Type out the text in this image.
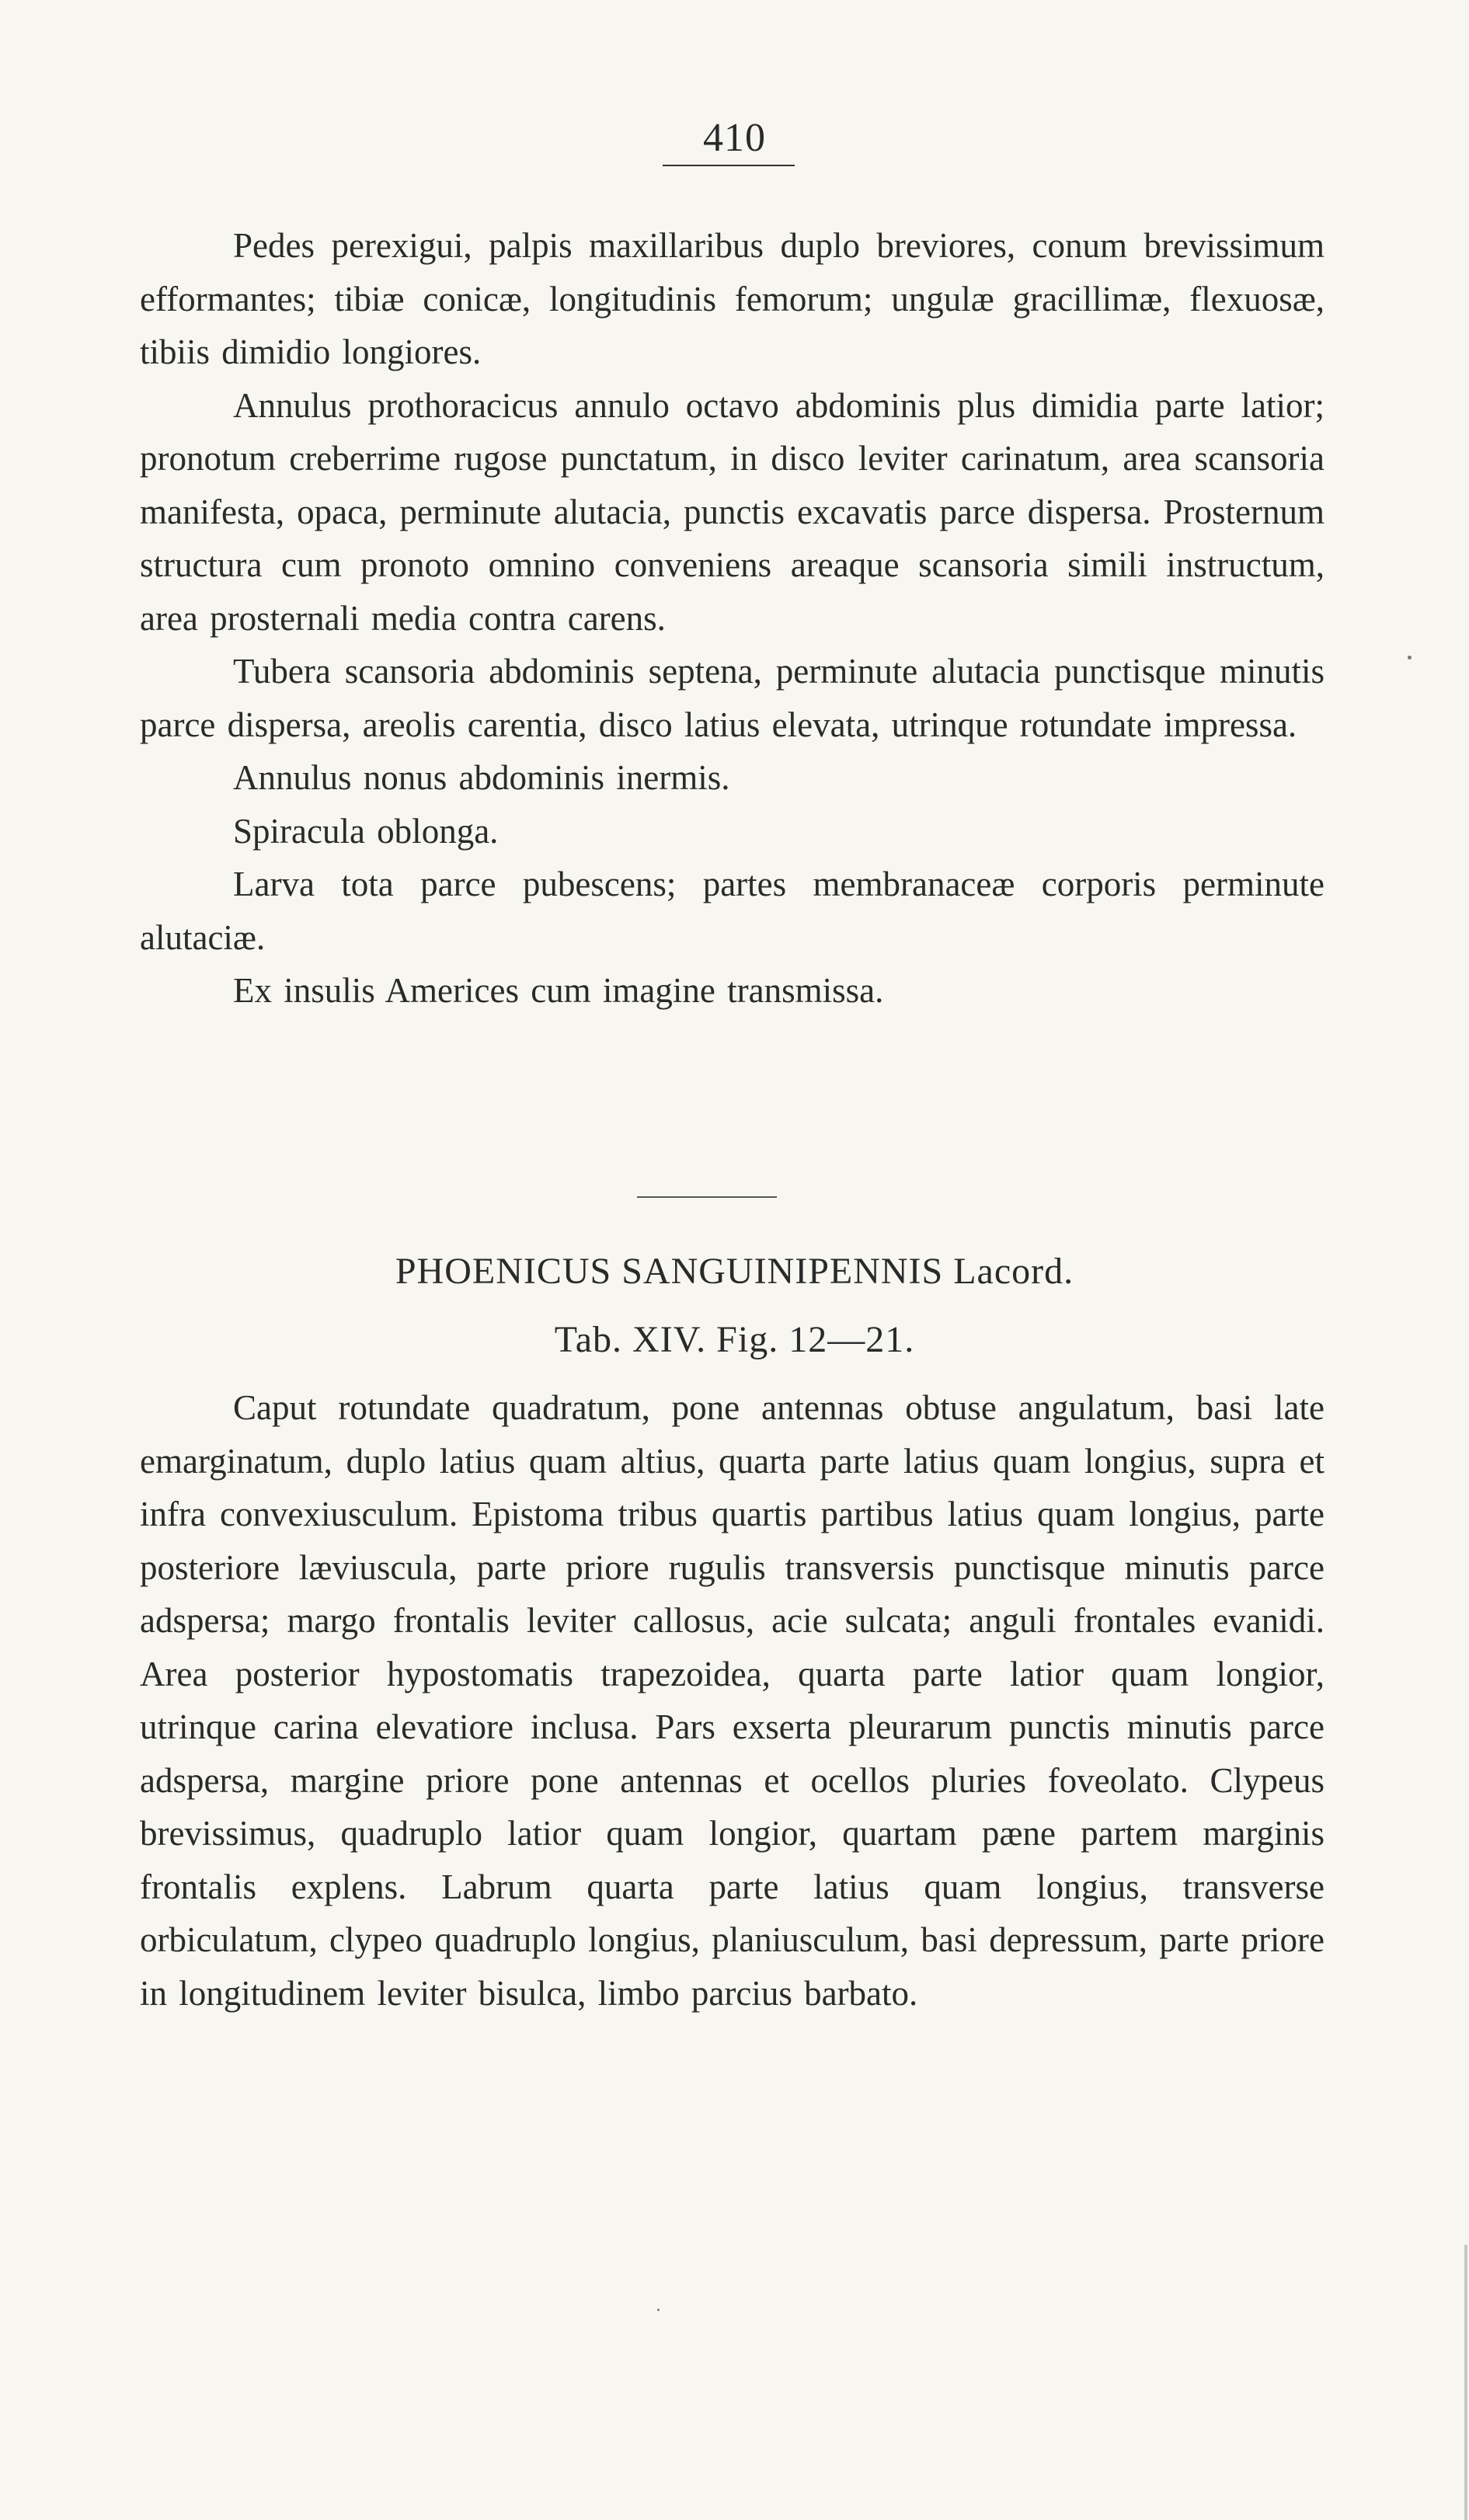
410

Pedes perexigui, palpis maxillaribus duplo breviores, conum brevissimum efformantes; tibiæ conicæ, longitudinis femorum; ungulæ gracillimæ, flexuosæ, tibiis dimidio longiores.

Annulus prothoracicus annulo octavo abdominis plus dimidia parte latior; pronotum creberrime rugose punctatum, in disco leviter carinatum, area scansoria manifesta, opaca, perminute alutacia, punctis excavatis parce dispersa. Prosternum structura cum pronoto omnino conveniens areaque scansoria simili instructum, area prosternali media contra carens.

Tubera scansoria abdominis septena, perminute alutacia punctisque minutis parce dispersa, areolis carentia, disco latius elevata, utrinque rotundate impressa.

Annulus nonus abdominis inermis.

Spiracula oblonga.

Larva tota parce pubescens; partes membranaceæ corporis perminute alutaciæ.

Ex insulis Americes cum imagine transmissa.

PHOENICUS SANGUINIPENNIS Lacord.
Tab. XIV. Fig. 12—21.

Caput rotundate quadratum, pone antennas obtuse angulatum, basi late emarginatum, duplo latius quam altius, quarta parte latius quam longius, supra et infra convexiusculum. Epistoma tribus quartis partibus latius quam longius, parte posteriore læviuscula, parte priore rugulis transversis punctisque minutis parce adspersa; margo frontalis leviter callosus, acie sulcata; anguli frontales evanidi. Area posterior hypostomatis trapezoidea, quarta parte latior quam longior, utrinque carina elevatiore inclusa. Pars exserta pleurarum punctis minutis parce adspersa, margine priore pone antennas et ocellos pluries foveolato. Clypeus brevissimus, quadruplo latior quam longior, quartam pæne partem marginis frontalis explens. Labrum quarta parte latius quam longius, transverse orbiculatum, clypeo quadruplo longius, planiusculum, basi depressum, parte priore in longitudinem leviter bisulca, limbo parcius barbato.
